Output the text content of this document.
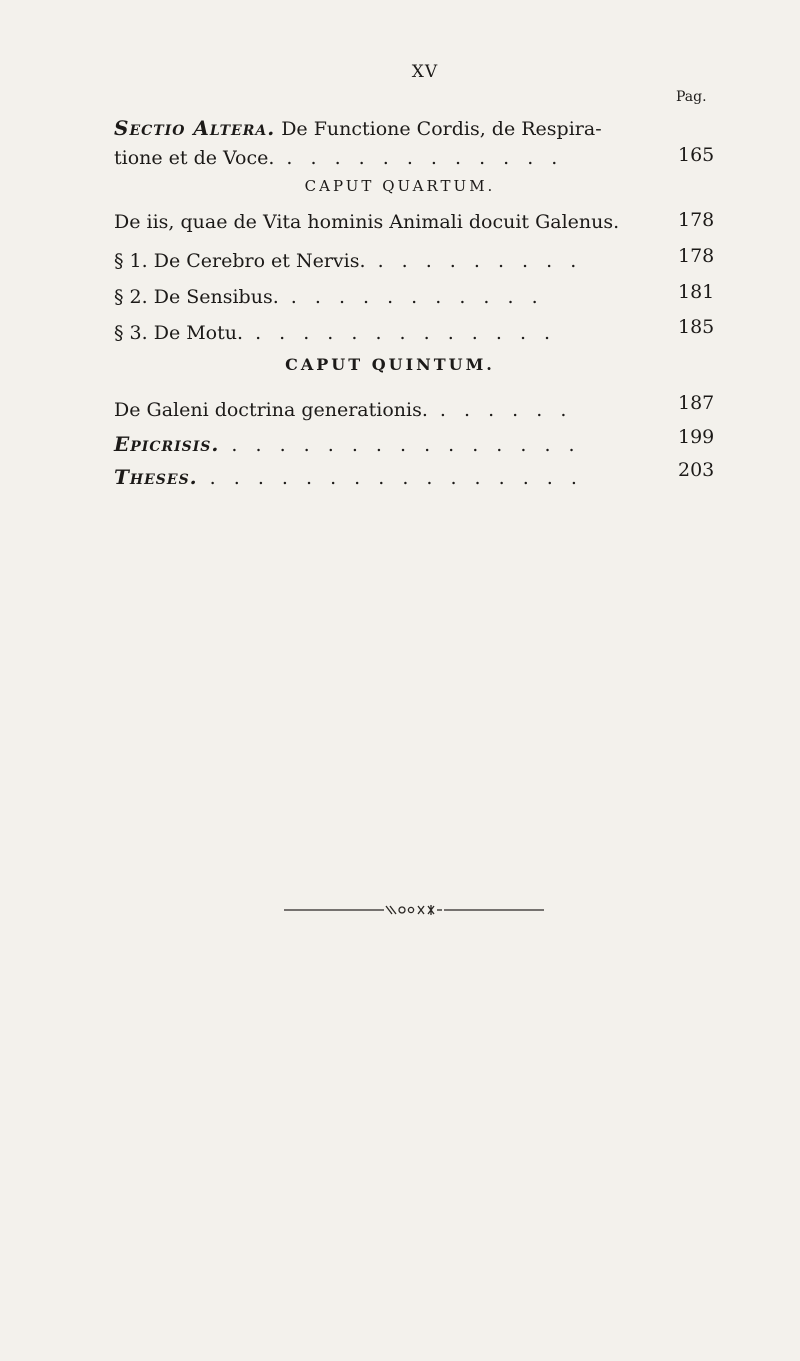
XV
Pag.
Sectio Altera. De Functione Cordis, de Respira-
tione et de Voce. . . . . . . . . . . . .	165
CAPUT QUARTUM.
De iis, quae de Vita hominis Animali docuit Galenus.	178
§ 1. De Cerebro et Nervis. . . . . . . . . .	178
§ 2. De Sensibus. . . . . . . . . . . .	181
§ 3. De Motu. . . . . . . . . . . . . .	185
CAPUT QUINTUM.
De Galeni doctrina generationis. . . . . . .	187
Epicrisis. . . . . . . . . . . . . . . .	199
Theses. . . . . . . . . . . . . . . . .	203
